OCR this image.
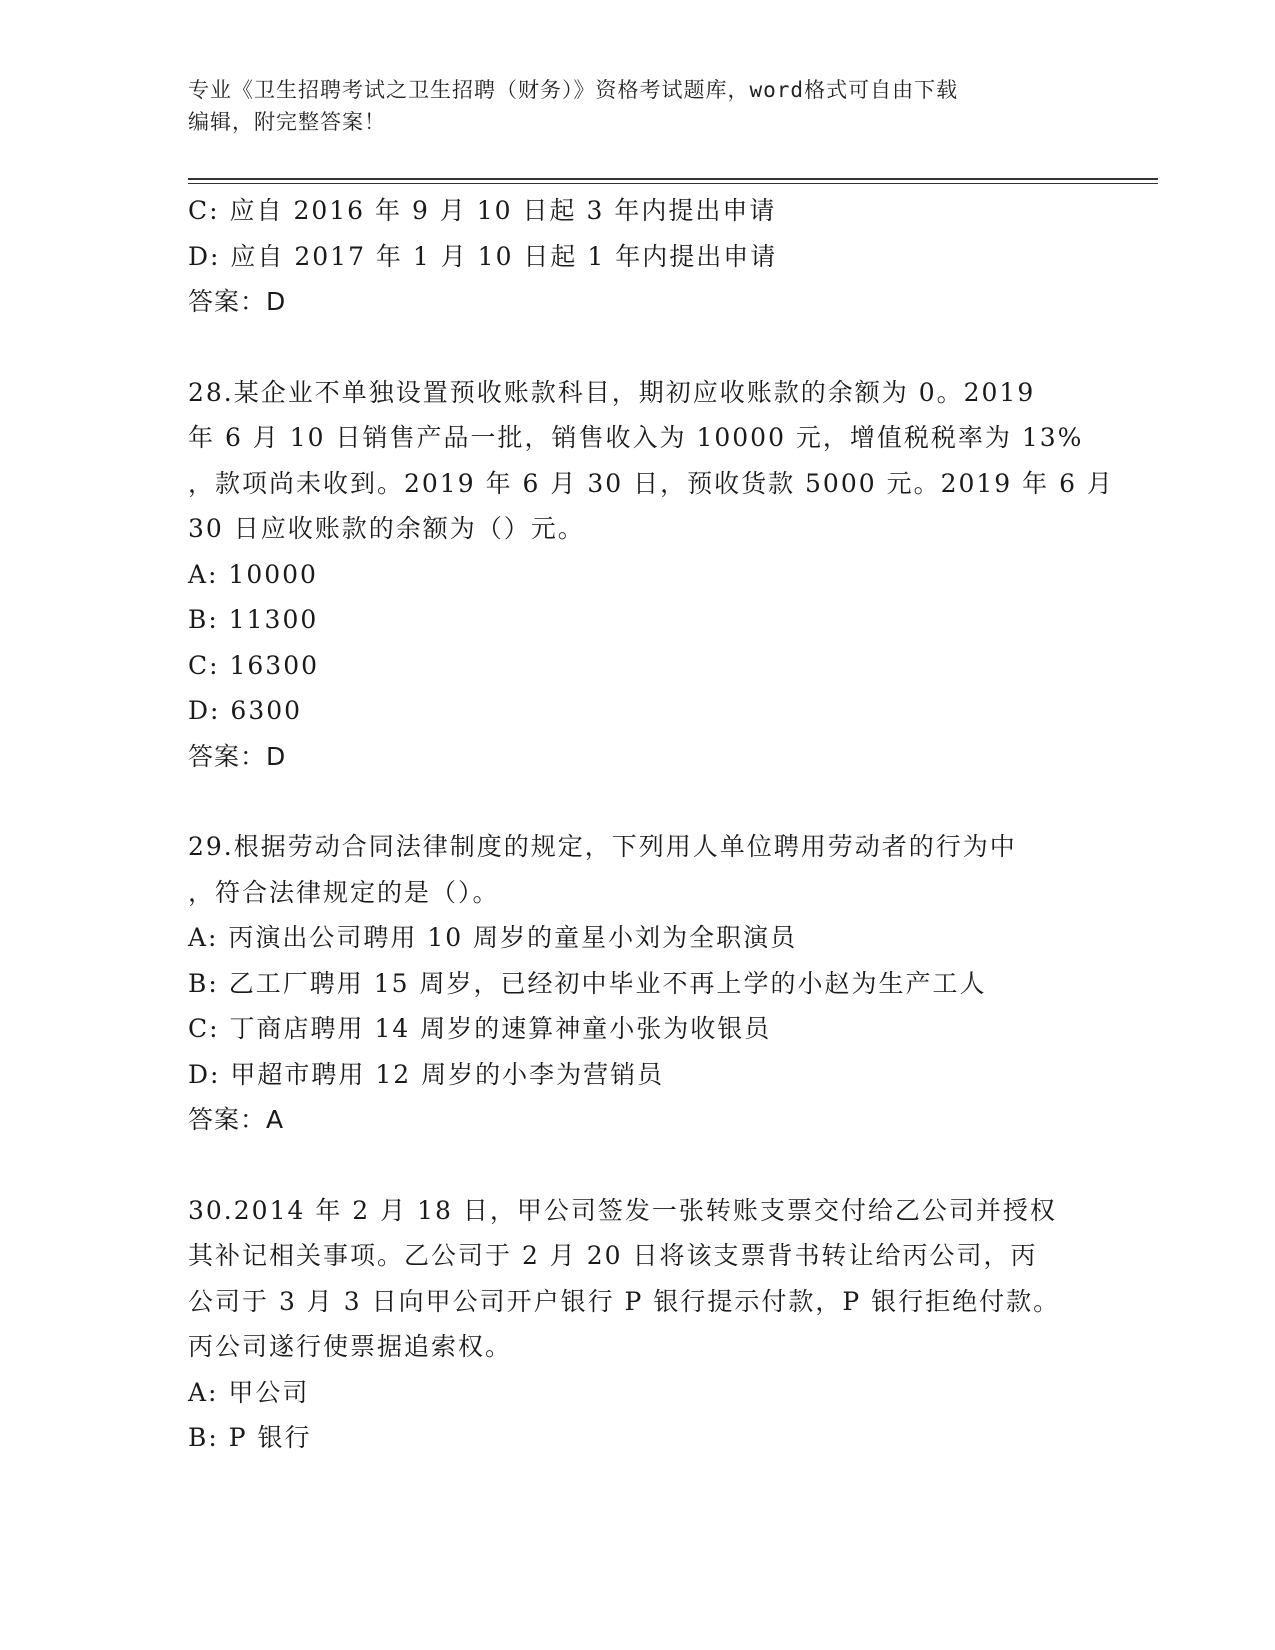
专业《卫生招聘考试之卫生招聘（财务）》资格考试题库，word格式可自由下载
编辑，附完整答案！
C: 应自 2016 年 9 月 10 日起 3 年内提出申请
D: 应自 2017 年 1 月 10 日起 1 年内提出申请
答案：D
28.某企业不单独设置预收账款科目，期初应收账款的余额为 0。2019
年 6 月 10 日销售产品一批，销售收入为 10000 元，增值税税率为 13%
，款项尚未收到。2019 年 6 月 30 日，预收货款 5000 元。2019 年 6 月
30 日应收账款的余额为（）元。
A: 10000
B: 11300
C: 16300
D: 6300
答案：D
29.根据劳动合同法律制度的规定，下列用人单位聘用劳动者的行为中
，符合法律规定的是（）。
A: 丙演出公司聘用 10 周岁的童星小刘为全职演员
B: 乙工厂聘用 15 周岁，已经初中毕业不再上学的小赵为生产工人
C: 丁商店聘用 14 周岁的速算神童小张为收银员
D: 甲超市聘用 12 周岁的小李为营销员
答案：A
30.2014 年 2 月 18 日，甲公司签发一张转账支票交付给乙公司并授权
其补记相关事项。乙公司于 2 月 20 日将该支票背书转让给丙公司，丙
公司于 3 月 3 日向甲公司开户银行 P 银行提示付款，P 银行拒绝付款。
丙公司遂行使票据追索权。
A: 甲公司
B: P 银行
